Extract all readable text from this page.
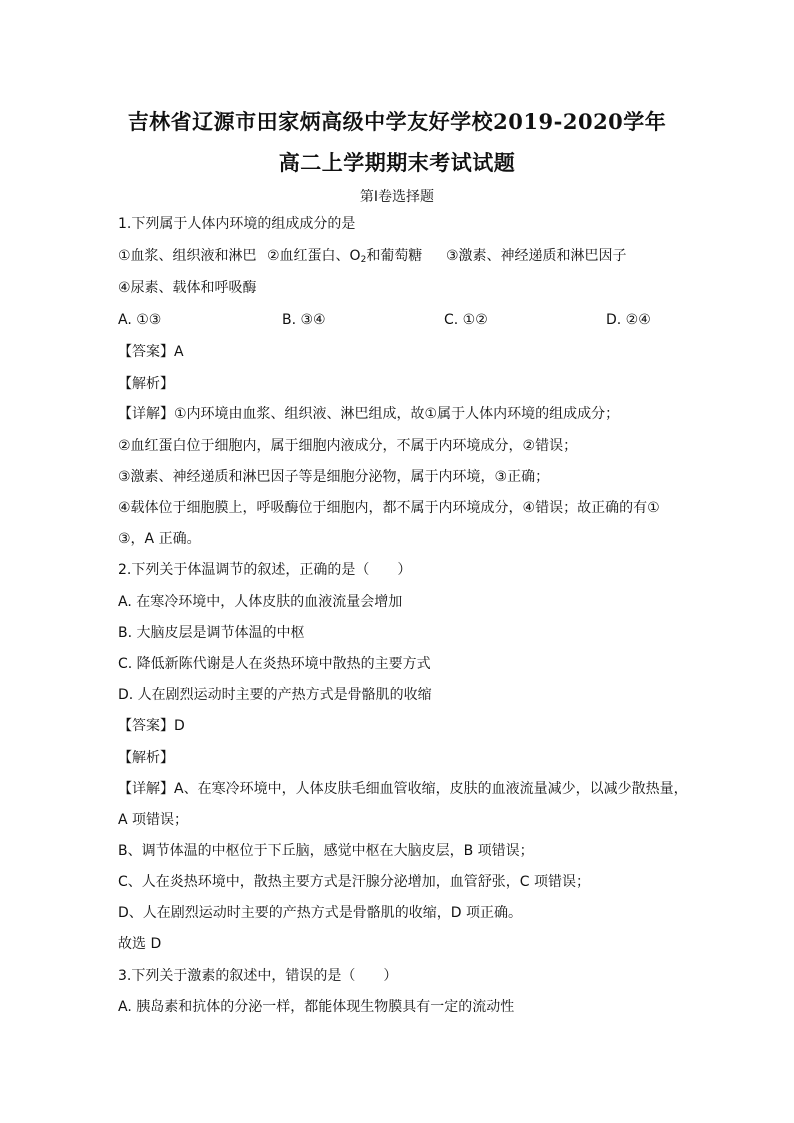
吉林省辽源市田家炳高级中学友好学校2019-2020学年
高二上学期期末考试试题
第Ⅰ卷选择题
1.下列属于人体内环境的组成成分的是
①血浆、组织液和淋巴 ②血红蛋白、$O_2$和葡萄糖 ③激素、神经递质和淋巴因子
④尿素、载体和呼吸酶
A. ①③	B. ③④	C. ①②	D. ②④
【答案】A
【解析】
【详解】①内环境由血浆、组织液、淋巴组成，故①属于人体内环境的组成成分；
②血红蛋白位于细胞内，属于细胞内液成分，不属于内环境成分，②错误；
③激素、神经递质和淋巴因子等是细胞分泌物，属于内环境，③正确；
④载体位于细胞膜上，呼吸酶位于细胞内，都不属于内环境成分，④错误；故正确的有①
③，A 正确。
2.下列关于体温调节的叙述，正确的是（　　）
A. 在寒冷环境中，人体皮肤的血液流量会增加
B. 大脑皮层是调节体温的中枢
C. 降低新陈代谢是人在炎热环境中散热的主要方式
D. 人在剧烈运动时主要的产热方式是骨骼肌的收缩
【答案】D
【解析】
【详解】A、在寒冷环境中，人体皮肤毛细血管收缩，皮肤的血液流量减少，以减少散热量，
A 项错误；
B、调节体温的中枢位于下丘脑，感觉中枢在大脑皮层，B 项错误；
C、人在炎热环境中，散热主要方式是汗腺分泌增加，血管舒张，C 项错误；
D、人在剧烈运动时主要的产热方式是骨骼肌的收缩，D 项正确。
故选 D
3.下列关于激素的叙述中，错误的是（　　）
A. 胰岛素和抗体的分泌一样，都能体现生物膜具有一定的流动性
